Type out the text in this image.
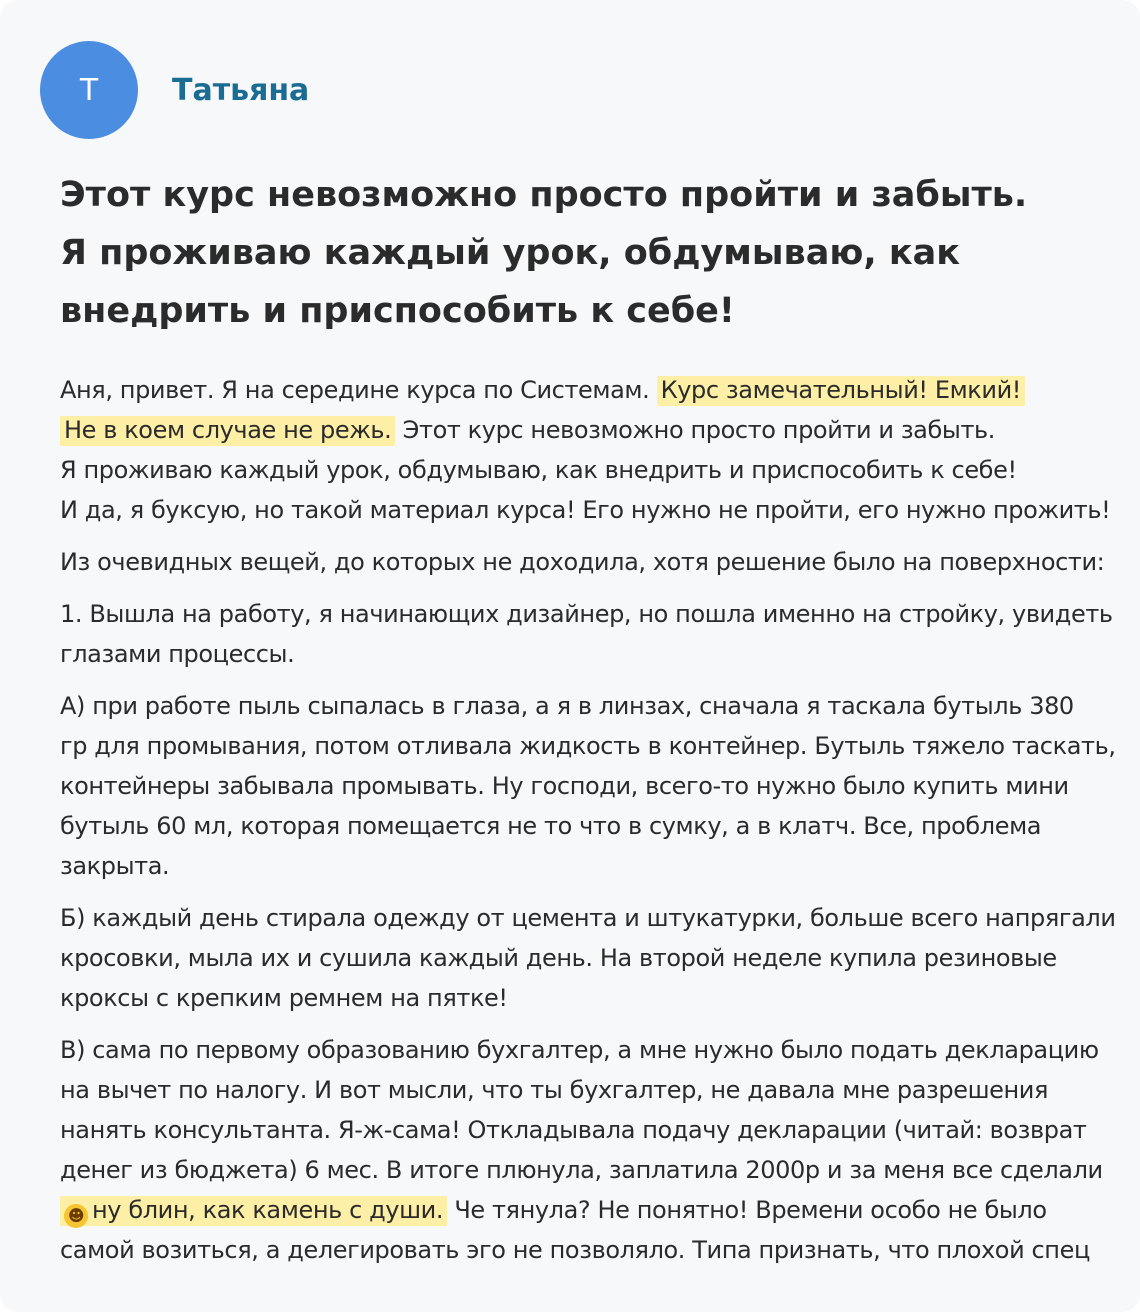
Т Татьяна
Этот курс невозможно просто пройти и забыть.
Я проживаю каждый урок, обдумываю, как
внедрить и приспособить к себе!

Аня, привет. Я на середине курса по Системам. Курс замечательный! Емкий!
Не в коем случае не режь. Этот курс невозможно просто пройти и забыть.
Я проживаю каждый урок, обдумываю, как внедрить и приспособить к себе!
И да, я буксую, но такой материал курса! Его нужно не пройти, его нужно прожить!

Из очевидных вещей, до которых не доходила, хотя решение было на поверхности:

1. Вышла на работу, я начинающих дизайнер, но пошла именно на стройку, увидеть
глазами процессы.

А) при работе пыль сыпалась в глаза, а я в линзах, сначала я таскала бутыль 380
гр для промывания, потом отливала жидкость в контейнер. Бутыль тяжело таскать,
контейнеры забывала промывать. Ну господи, всего-то нужно было купить мини
бутыль 60 мл, которая помещается не то что в сумку, а в клатч. Все, проблема
закрыта.

Б) каждый день стирала одежду от цемента и штукатурки, больше всего напрягали
кросовки, мыла их и сушила каждый день. На второй неделе купила резиновые
кроксы с крепким ремнем на пятке!

В) сама по первому образованию бухгалтер, а мне нужно было подать декларацию
на вычет по налогу. И вот мысли, что ты бухгалтер, не давала мне разрешения
нанять консультанта. Я-ж-сама! Откладывала подачу декларации (читай: возврат
денег из бюджета) 6 мес. В итоге плюнула, заплатила 2000р и за меня все сделали
☻ ну блин, как камень с души. Че тянула? Не понятно! Времени особо не было
самой возиться, а делегировать эго не позволяло. Типа признать, что плохой спец
